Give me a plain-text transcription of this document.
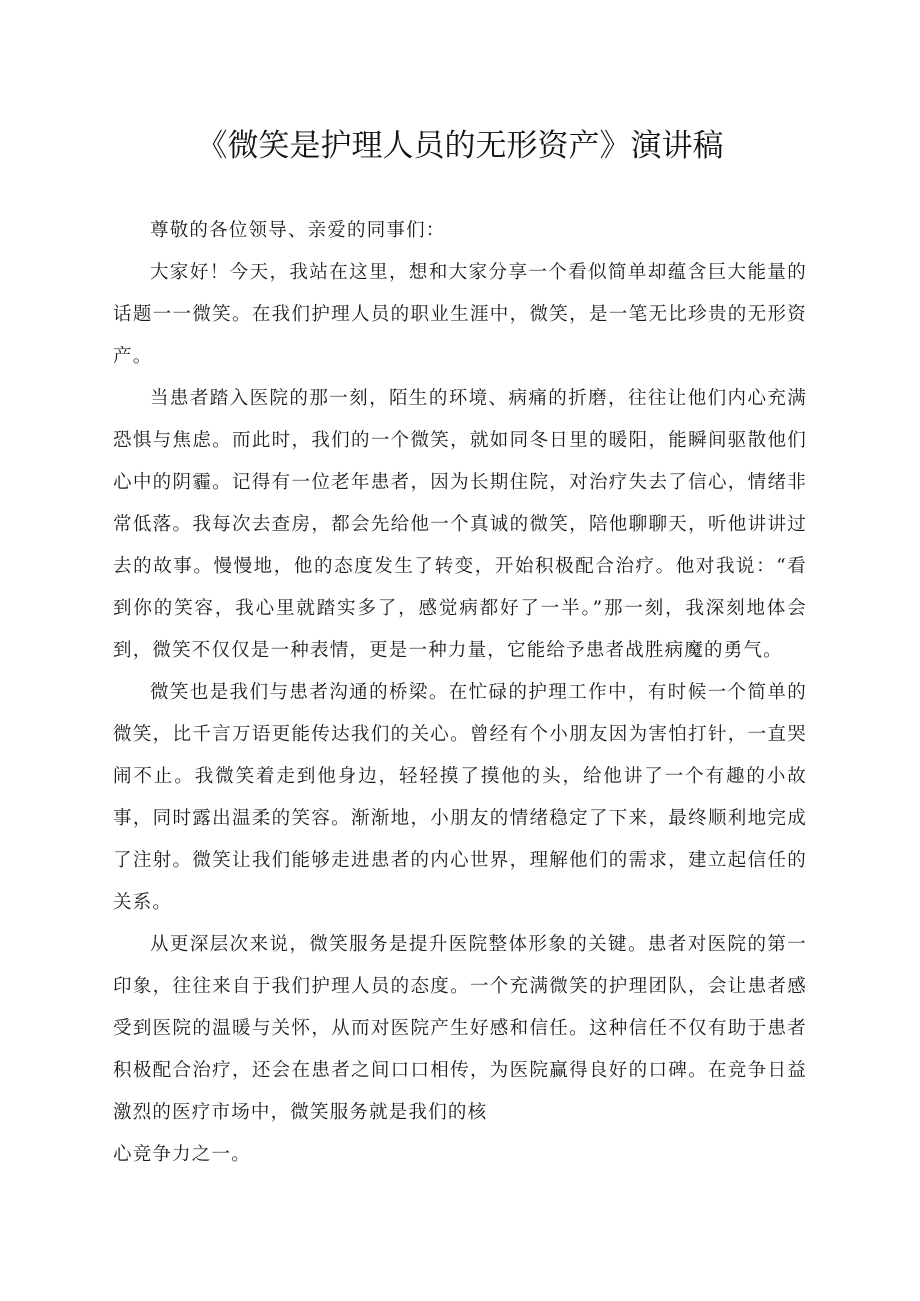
《微笑是护理人员的无形资产》演讲稿

尊敬的各位领导、亲爱的同事们：

大家好！今天，我站在这里，想和大家分享一个看似简单却蕴含巨大能量的话题一一微笑。在我们护理人员的职业生涯中，微笑，是一笔无比珍贵的无形资产。

当患者踏入医院的那一刻，陌生的环境、病痛的折磨，往往让他们内心充满恐惧与焦虑。而此时，我们的一个微笑，就如同冬日里的暖阳，能瞬间驱散他们心中的阴霾。记得有一位老年患者，因为长期住院，对治疗失去了信心，情绪非常低落。我每次去查房，都会先给他一个真诚的微笑，陪他聊聊天，听他讲讲过去的故事。慢慢地，他的态度发生了转变，开始积极配合治疗。他对我说：“看到你的笑容，我心里就踏实多了，感觉病都好了一半。”那一刻，我深刻地体会到，微笑不仅仅是一种表情，更是一种力量，它能给予患者战胜病魔的勇气。

微笑也是我们与患者沟通的桥梁。在忙碌的护理工作中，有时候一个简单的微笑，比千言万语更能传达我们的关心。曾经有个小朋友因为害怕打针，一直哭闹不止。我微笑着走到他身边，轻轻摸了摸他的头，给他讲了一个有趣的小故事，同时露出温柔的笑容。渐渐地，小朋友的情绪稳定了下来，最终顺利地完成了注射。微笑让我们能够走进患者的内心世界，理解他们的需求，建立起信任的关系。

从更深层次来说，微笑服务是提升医院整体形象的关键。患者对医院的第一印象，往往来自于我们护理人员的态度。一个充满微笑的护理团队，会让患者感受到医院的温暖与关怀，从而对医院产生好感和信任。这种信任不仅有助于患者积极配合治疗，还会在患者之间口口相传，为医院赢得良好的口碑。在竞争日益激烈的医疗市场中，微笑服务就是我们的核

心竞争力之一。
